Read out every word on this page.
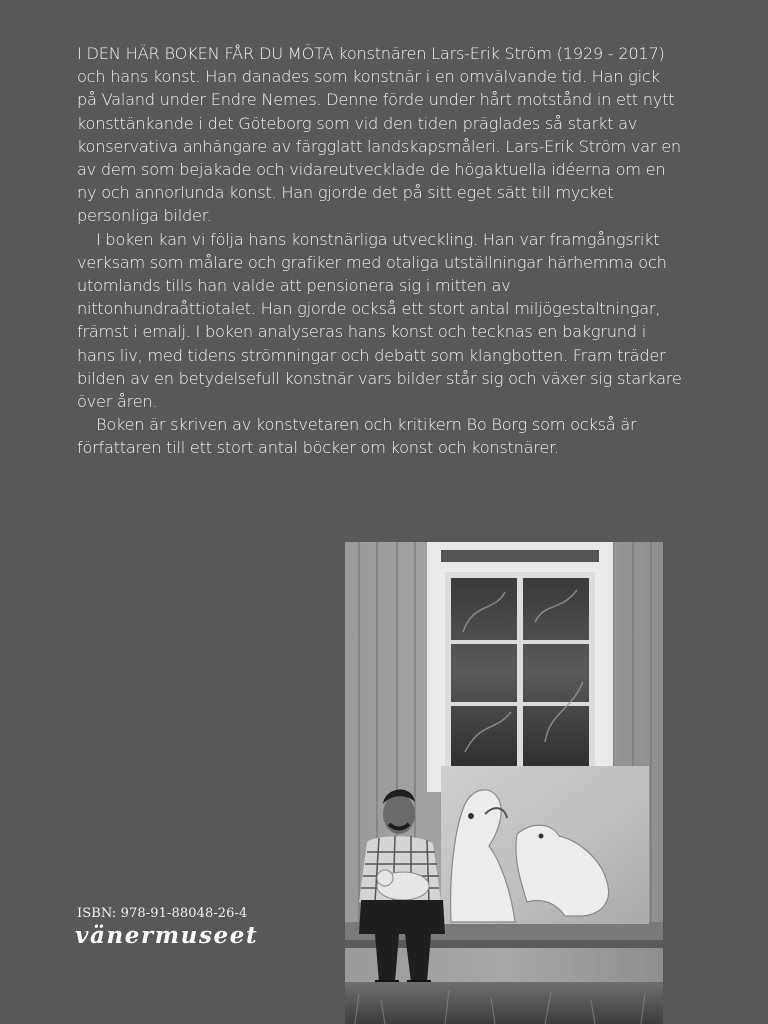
I DEN HÄR BOKEN FÅR DU MÖTA konstnären Lars-Erik Ström (1929 - 2017) och hans konst. Han danades som konstnär i en omvälvande tid. Han gick på Valand under Endre Nemes. Denne förde under hårt motstånd in ett nytt konsttänkande i det Göteborg som vid den tiden präglades så starkt av konservativa anhängare av färgglatt landskapsmåleri. Lars-Erik Ström var en av dem som bejakade och vidareutvecklade de högaktuella idéerna om en ny och annorlunda konst. Han gjorde det på sitt eget sätt till mycket personliga bilder.

I boken kan vi följa hans konstnärliga utveckling. Han var framgångsrikt verksam som målare och grafiker med otaliga utställningar härhemma och utomlands tills han valde att pensionera sig i mitten av nittonhundraåttiotalet. Han gjorde också ett stort antal miljögestaltningar, främst i emalj. I boken analyseras hans konst och tecknas en bakgrund i hans liv, med tidens strömningar och debatt som klangbotten. Fram träder bilden av en betydelsefull konstnär vars bilder står sig och växer sig starkare över åren.

Boken är skriven av konstvetaren och kritikern Bo Borg som också är författaren till ett stort antal böcker om konst och konstnärer.

ISBN: 978-91-88048-26-4
vänermuseet
